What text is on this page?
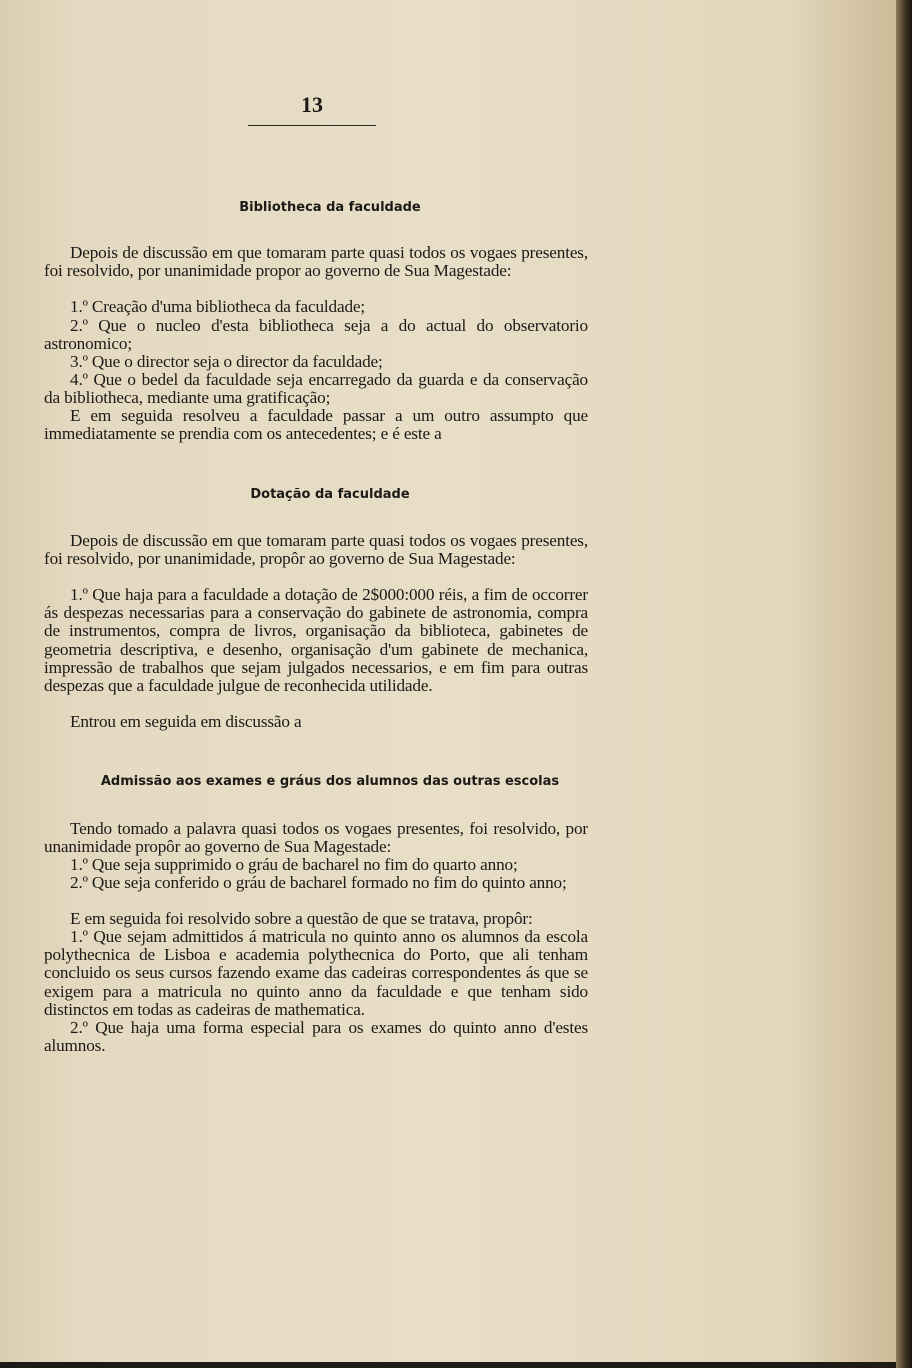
13
Bibliotheca da faculdade

Depois de discussão em que tomaram parte quasi todos os vogaes presentes, foi resolvido, por unanimidade propor ao governo de Sua Magestade:

1.º Creação d'uma bibliotheca da faculdade;

2.º Que o nucleo d'esta bibliotheca seja a do actual do observatorio astronomico;

3.º Que o director seja o director da faculdade;

4.º Que o bedel da faculdade seja encarregado da guarda e da conservação da bibliotheca, mediante uma gratificação;

E em seguida resolveu a faculdade passar a um outro assumpto que immediatamente se prendia com os antecedentes; e é este a

Dotação da faculdade

Depois de discussão em que tomaram parte quasi todos os vogaes presentes, foi resolvido, por unanimidade, propôr ao governo de Sua Magestade:

1.º Que haja para a faculdade a dotação de 2$000:000 réis, a fim de occorrer ás despezas necessarias para a conservação do gabinete de astronomia, compra de instrumentos, compra de livros, organisação da biblioteca, gabinetes de geometria descriptiva, e desenho, organisação d'um gabinete de mechanica, impressão de trabalhos que sejam julgados necessarios, e em fim para outras despezas que a faculdade julgue de reconhecida utilidade.

Entrou em seguida em discussão a

Admissão aos exames e gráus dos alumnos das outras escolas

Tendo tomado a palavra quasi todos os vogaes presentes, foi resolvido, por unanimidade propôr ao governo de Sua Magestade:

1.º Que seja supprimido o gráu de bacharel no fim do quarto anno;

2.º Que seja conferido o gráu de bacharel formado no fim do quinto anno;

E em seguida foi resolvido sobre a questão de que se tratava, propôr:

1.º Que sejam admittidos á matricula no quinto anno os alumnos da escola polythecnica de Lisboa e academia polythecnica do Porto, que ali tenham concluido os seus cursos fazendo exame das cadeiras correspondentes ás que se exigem para a matricula no quinto anno da faculdade e que tenham sido distinctos em todas as cadeiras de mathematica.

2.º Que haja uma forma especial para os exames do quinto anno d'estes alumnos.
